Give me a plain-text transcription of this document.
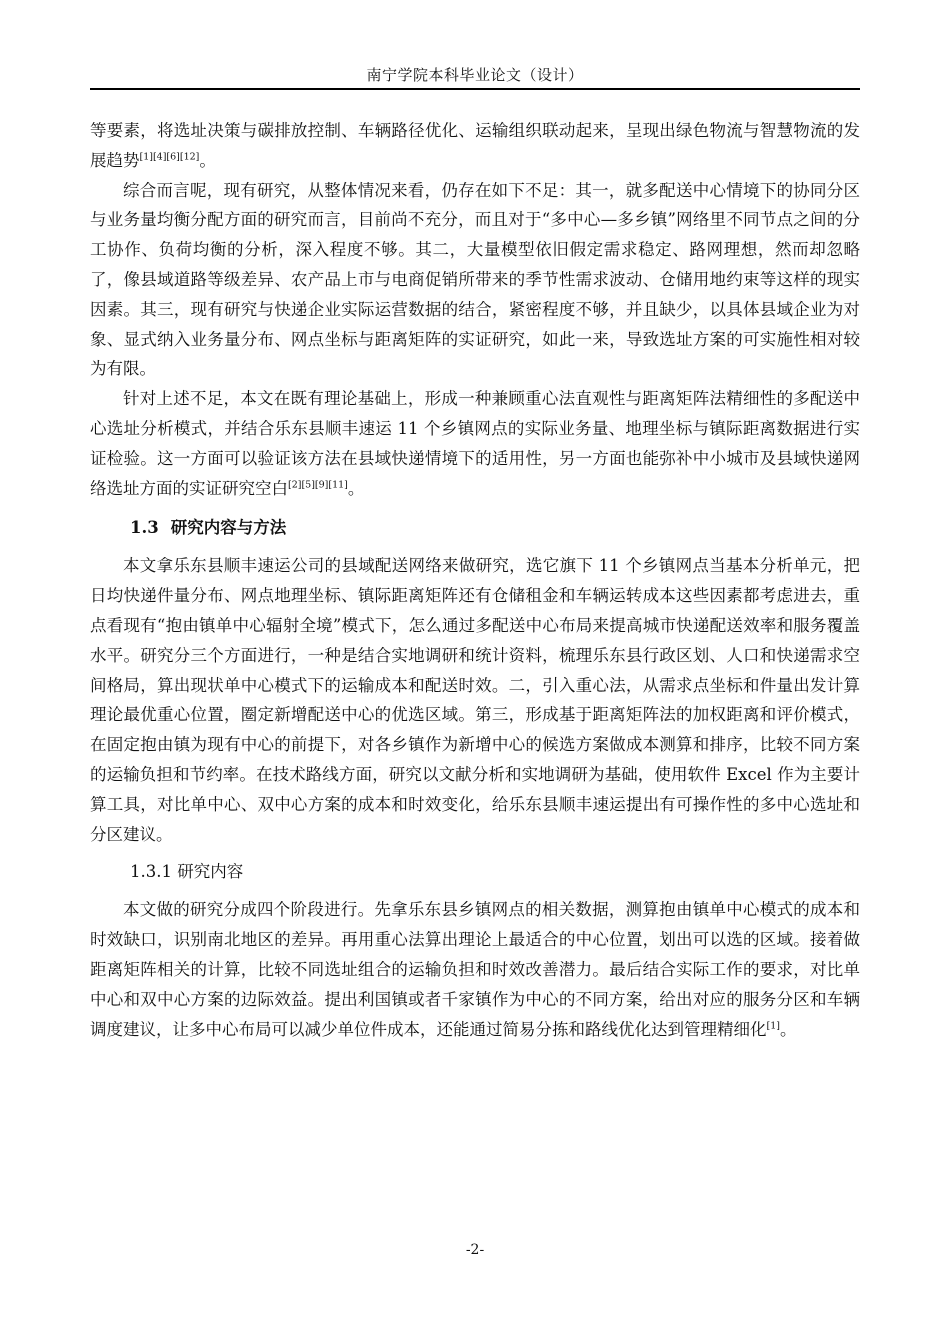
南宁学院本科毕业论文（设计）

等要素，将选址决策与碳排放控制、车辆路径优化、运输组织联动起来，呈现出绿色物流与智慧物流的发展趋势[1][4][6][12]。

综合而言呢，现有研究，从整体情况来看，仍存在如下不足：其一，就多配送中心情境下的协同分区与业务量均衡分配方面的研究而言，目前尚不充分，而且对于“多中心—多乡镇”网络里不同节点之间的分工协作、负荷均衡的分析，深入程度不够。其二，大量模型依旧假定需求稳定、路网理想，然而却忽略了，像县域道路等级差异、农产品上市与电商促销所带来的季节性需求波动、仓储用地约束等这样的现实因素。其三，现有研究与快递企业实际运营数据的结合，紧密程度不够，并且缺少，以具体县域企业为对象、显式纳入业务量分布、网点坐标与距离矩阵的实证研究，如此一来，导致选址方案的可实施性相对较为有限。

针对上述不足，本文在既有理论基础上，形成一种兼顾重心法直观性与距离矩阵法精细性的多配送中心选址分析模式，并结合乐东县顺丰速运 11 个乡镇网点的实际业务量、地理坐标与镇际距离数据进行实证检验。这一方面可以验证该方法在县域快递情境下的适用性，另一方面也能弥补中小城市及县域快递网络选址方面的实证研究空白[2][5][9][11]。

1.3 研究内容与方法

本文拿乐东县顺丰速运公司的县域配送网络来做研究，选它旗下 11 个乡镇网点当基本分析单元，把日均快递件量分布、网点地理坐标、镇际距离矩阵还有仓储租金和车辆运转成本这些因素都考虑进去，重点看现有“抱由镇单中心辐射全境”模式下，怎么通过多配送中心布局来提高城市快递配送效率和服务覆盖水平。研究分三个方面进行，一种是结合实地调研和统计资料，梳理乐东县行政区划、人口和快递需求空间格局，算出现状单中心模式下的运输成本和配送时效。二，引入重心法，从需求点坐标和件量出发计算理论最优重心位置，圈定新增配送中心的优选区域。第三，形成基于距离矩阵法的加权距离和评价模式，在固定抱由镇为现有中心的前提下，对各乡镇作为新增中心的候选方案做成本测算和排序，比较不同方案的运输负担和节约率。在技术路线方面，研究以文献分析和实地调研为基础，使用软件 Excel 作为主要计算工具，对比单中心、双中心方案的成本和时效变化，给乐东县顺丰速运提出有可操作性的多中心选址和分区建议。

1.3.1 研究内容

本文做的研究分成四个阶段进行。先拿乐东县乡镇网点的相关数据，测算抱由镇单中心模式的成本和时效缺口，识别南北地区的差异。再用重心法算出理论上最适合的中心位置，划出可以选的区域。接着做距离矩阵相关的计算，比较不同选址组合的运输负担和时效改善潜力。最后结合实际工作的要求，对比单中心和双中心方案的边际效益。提出利国镇或者千家镇作为中心的不同方案，给出对应的服务分区和车辆调度建议，让多中心布局可以减少单位件成本，还能通过简易分拣和路线优化达到管理精细化[1]。

-2-
